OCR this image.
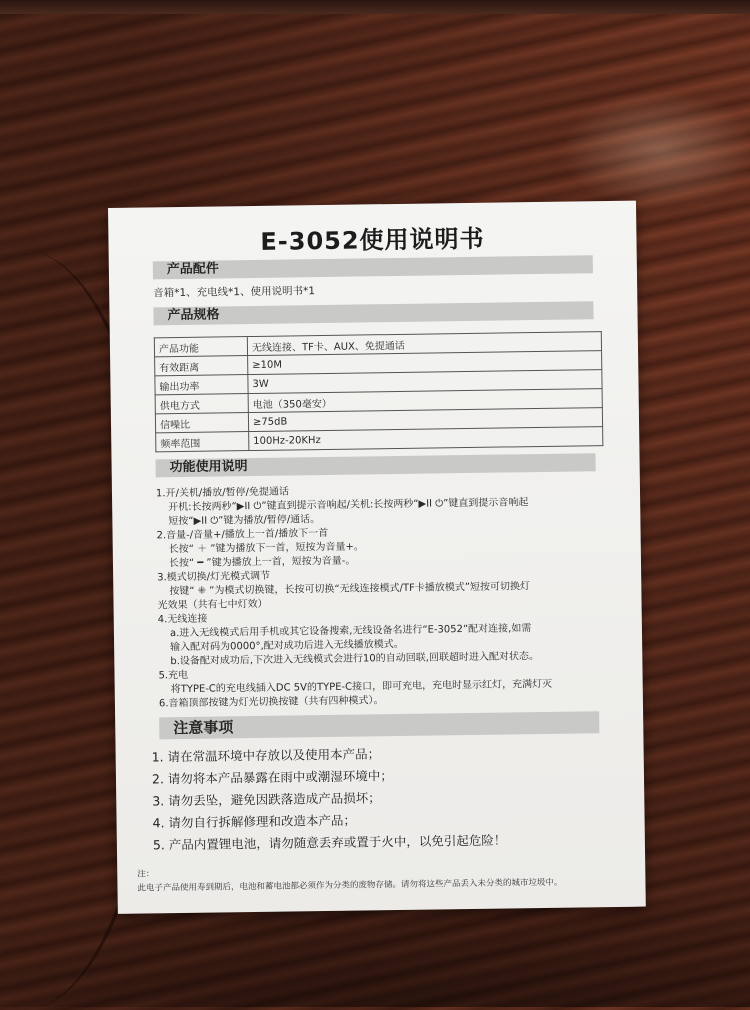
E-3052使用说明书
产品配件
音箱*1、充电线*1、使用说明书*1
产品规格
产品功能	无线连接、TF卡、AUX、免提通话
有效距离	≥10M
输出功率	3W
供电方式	电池（350毫安）
信噪比	≥75dB
频率范围	100Hz-20KHz
功能使用说明
1.开/关机/播放/暂停/免提通话
开机:长按两秒“▶II ⏻”键直到提示音响起/关机:长按两秒“▶II ⏻”键直到提示音响起
短按“▶II ⏻”键为播放/暂停/通话。
2.音量-/音量+/播放上一首/播放下一首
长按“ ＋ ”键为播放下一首，短按为音量+。
长按“ ━ ”键为播放上一首，短按为音量-。
3.模式切换/灯光模式调节
按键“ ⁜ ”为模式切换键，长按可切换“无线连接模式/TF卡播放模式”短按可切换灯
光效果（共有七中灯效）
4.无线连接
a.进入无线模式后用手机或其它设备搜索,无线设备名进行“E-3052”配对连接,如需
输入配对码为0000°,配对成功后进入无线播放模式。
b.设备配对成功后,下次进入无线模式会进行10的自动回联,回联超时进入配对状态。
5.充电
将TYPE-C的充电线插入DC 5V的TYPE-C接口，即可充电，充电时显示红灯，充满灯灭
6.音箱顶部按键为灯光切换按键（共有四种模式）。
注意事项
1. 请在常温环境中存放以及使用本产品；
2. 请勿将本产品暴露在雨中或潮湿环境中；
3. 请勿丢坠，避免因跌落造成产品损坏；
4. 请勿自行拆解修理和改造本产品；
5. 产品内置锂电池，请勿随意丢弃或置于火中，以免引起危险！
注：
此电子产品使用寿到期后，电池和蓄电池都必须作为分类的废物存储。请勿将这些产品丢入未分类的城市垃圾中。
